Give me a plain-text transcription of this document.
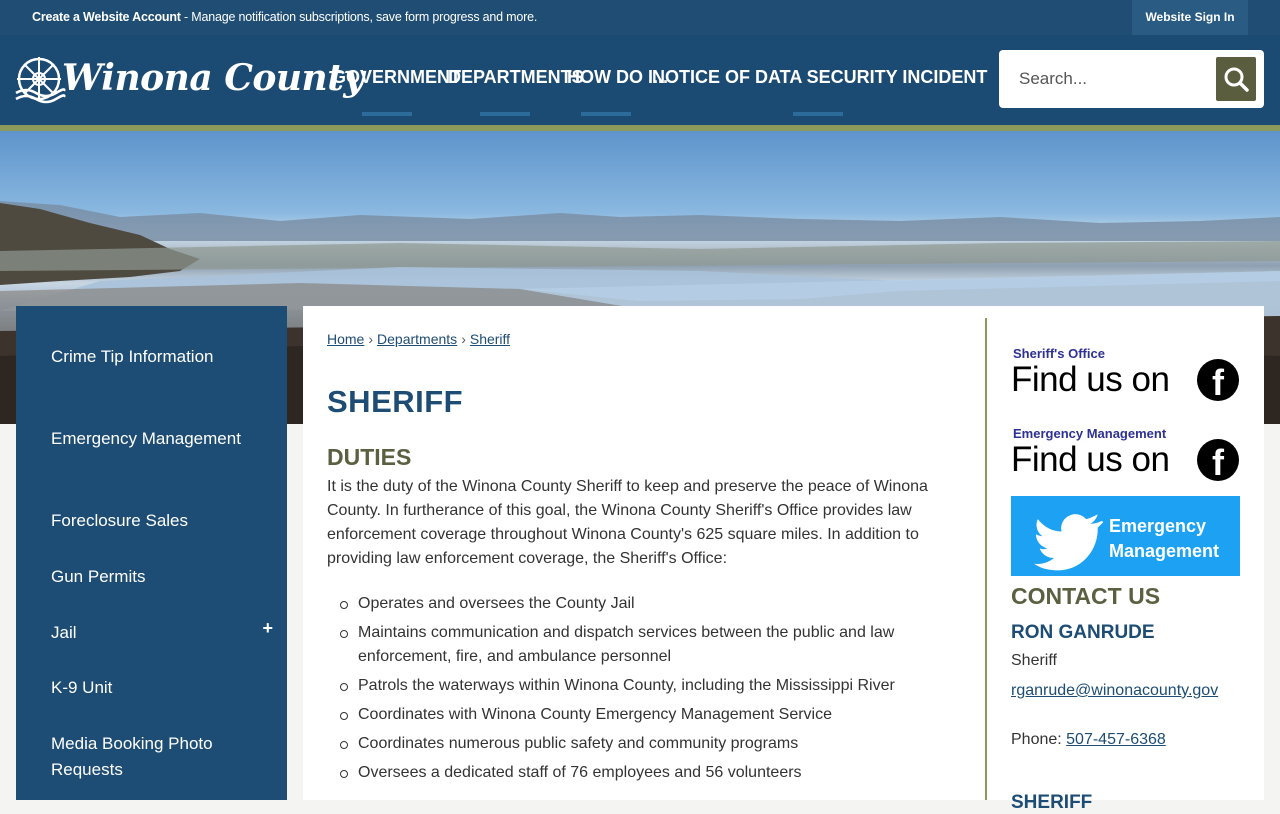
Create a Website Account - Manage notification subscriptions, save form progress and more.	Website Sign In
Winona County
GOVERNMENT
DEPARTMENTS
HOW DO I...
NOTICE OF DATA SECURITY INCIDENT
Search...
Crime Tip Information
Emergency Management
Foreclosure Sales
Gun Permits
Jail	+
K-9 Unit
Media Booking Photo Requests
Home › Departments › Sheriff
SHERIFF
DUTIES
It is the duty of the Winona County Sheriff to keep and preserve the peace of Winona County. In furtherance of this goal, the Winona County Sheriff's Office provides law enforcement coverage throughout Winona County's 625 square miles. In addition to providing law enforcement coverage, the Sheriff's Office:
Operates and oversees the County Jail
Maintains communication and dispatch services between the public and law enforcement, fire, and ambulance personnel
Patrols the waterways within Winona County, including the Mississippi River
Coordinates with Winona County Emergency Management Service
Coordinates numerous public safety and community programs
Oversees a dedicated staff of 76 employees and 56 volunteers
Sheriff's Office
Find us on	f
Emergency Management
Find us on	f
Emergency
Management
CONTACT US
RON GANRUDE
Sheriff
rganrude@winonacounty.gov
Phone: 507-457-6368
SHERIFF
